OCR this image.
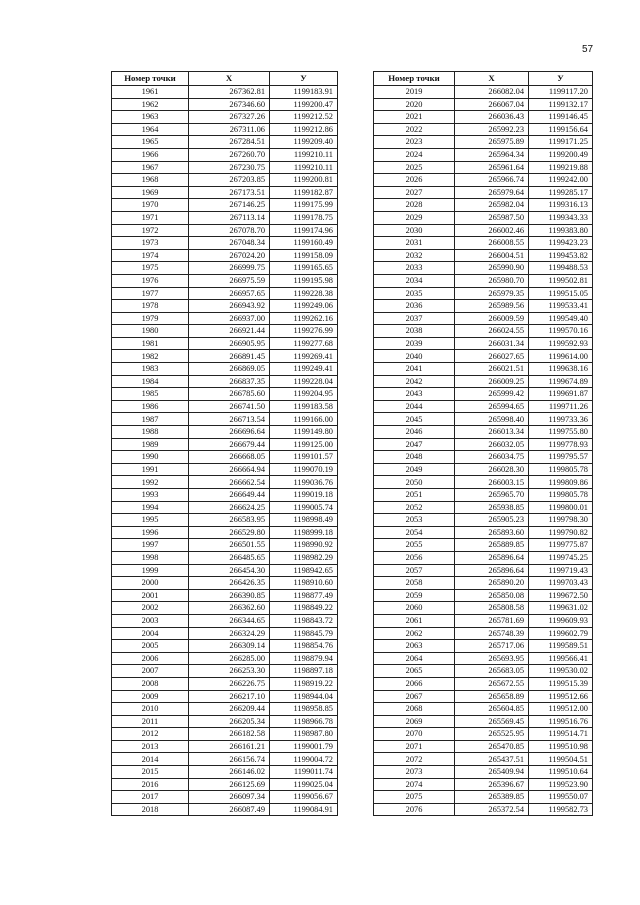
57
Номер точки	X	У
1961	267362.81	1199183.91
1962	267346.60	1199200.47
1963	267327.26	1199212.52
1964	267311.06	1199212.86
1965	267284.51	1199209.40
1966	267260.70	1199210.11
1967	267230.75	1199210.11
1968	267203.85	1199200.81
1969	267173.51	1199182.87
1970	267146.25	1199175.99
1971	267113.14	1199178.75
1972	267078.70	1199174.96
1973	267048.34	1199160.49
1974	267024.20	1199158.09
1975	266999.75	1199165.65
1976	266975.59	1199195.98
1977	266957.65	1199228.38
1978	266943.92	1199249.06
1979	266937.00	1199262.16
1980	266921.44	1199276.99
1981	266905.95	1199277.68
1982	266891.45	1199269.41
1983	266869.05	1199249.41
1984	266837.35	1199228.04
1985	266785.60	1199204.95
1986	266741.50	1199183.58
1987	266713.54	1199166.00
1988	266696.64	1199149.80
1989	266679.44	1199125.00
1990	266668.05	1199101.57
1991	266664.94	1199070.19
1992	266662.54	1199036.76
1993	266649.44	1199019.18
1994	266624.25	1199005.74
1995	266583.95	1198998.49
1996	266529.80	1198999.18
1997	266501.55	1198990.92
1998	266485.65	1198982.29
1999	266454.30	1198942.65
2000	266426.35	1198910.60
2001	266390.85	1198877.49
2002	266362.60	1198849.22
2003	266344.65	1198843.72
2004	266324.29	1198845.79
2005	266309.14	1198854.76
2006	266285.00	1198879.94
2007	266253.30	1198897.18
2008	266226.75	1198919.22
2009	266217.10	1198944.04
2010	266209.44	1198958.85
2011	266205.34	1198966.78
2012	266182.58	1198987.80
2013	266161.21	1199001.79
2014	266156.74	1199004.72
2015	266146.02	1199011.74
2016	266125.69	1199025.04
2017	266097.34	1199056.67
2018	266087.49	1199084.91
Номер точки	X	У
2019	266082.04	1199117.20
2020	266067.04	1199132.17
2021	266036.43	1199146.45
2022	265992.23	1199156.64
2023	265975.89	1199171.25
2024	265964.34	1199200.49
2025	265961.64	1199219.88
2026	265966.74	1199242.00
2027	265979.64	1199285.17
2028	265982.04	1199316.13
2029	265987.50	1199343.33
2030	266002.46	1199383.80
2031	266008.55	1199423.23
2032	266004.51	1199453.82
2033	265990.90	1199488.53
2034	265980.70	1199502.81
2035	265979.35	1199515.05
2036	265989.56	1199533.41
2037	266009.59	1199549.40
2038	266024.55	1199570.16
2039	266031.34	1199592.93
2040	266027.65	1199614.00
2041	266021.51	1199638.16
2042	266009.25	1199674.89
2043	265999.42	1199691.87
2044	265994.65	1199711.26
2045	265998.40	1199733.36
2046	266013.34	1199755.80
2047	266032.05	1199778.93
2048	266034.75	1199795.57
2049	266028.30	1199805.78
2050	266003.15	1199809.86
2051	265965.70	1199805.78
2052	265938.85	1199800.01
2053	265905.23	1199798.30
2054	265893.60	1199790.82
2055	265889.85	1199775.87
2056	265896.64	1199745.25
2057	265896.64	1199719.43
2058	265890.20	1199703.43
2059	265850.08	1199672.50
2060	265808.58	1199631.02
2061	265781.69	1199609.93
2062	265748.39	1199602.79
2063	265717.06	1199589.51
2064	265693.95	1199566.41
2065	265683.05	1199530.02
2066	265672.55	1199515.39
2067	265658.89	1199512.66
2068	265604.85	1199512.00
2069	265569.45	1199516.76
2070	265525.95	1199514.71
2071	265470.85	1199510.98
2072	265437.51	1199504.51
2073	265409.94	1199510.64
2074	265396.67	1199523.90
2075	265389.85	1199550.07
2076	265372.54	1199582.73
